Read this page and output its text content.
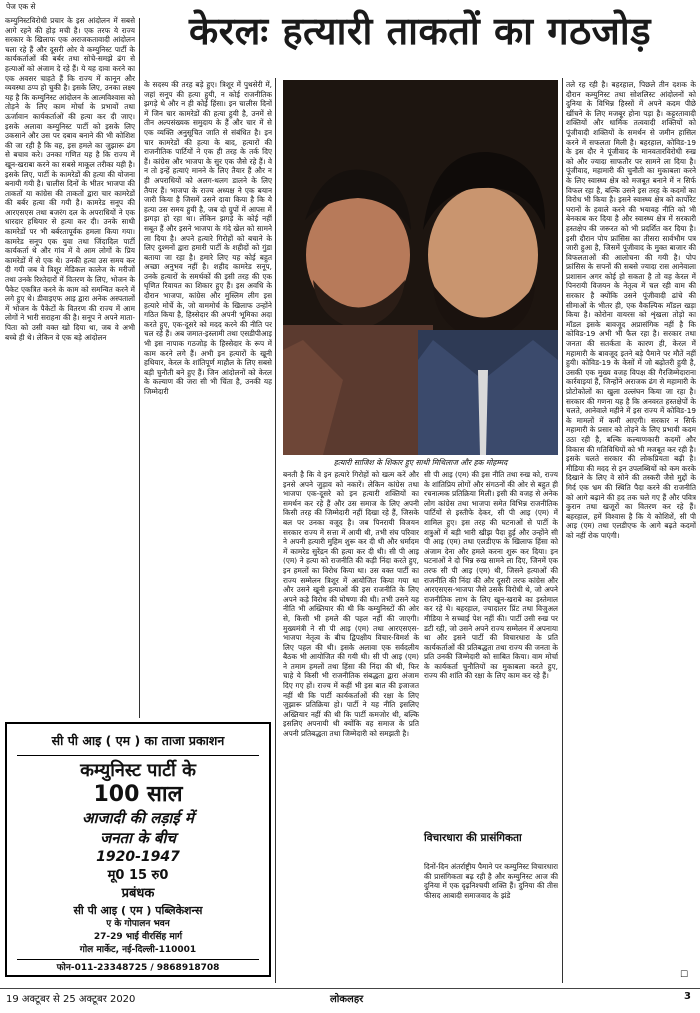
पेज एक से
केरलः हत्यारी ताकतों का गठजोड़
कम्युनिस्टविरोधी प्रचार के इस आंदोलन में सबसे आगे रहने की होड़ मची है। एक तरफ ये राज्य सरकार के खिलाफ एक अराजकतावादी आंदोलन चला रहे हैं और दूसरी ओर वे कम्युनिस्ट पार्टी के कार्यकर्ताओं की बर्बर तथा सोचे-समझे ढंग से हत्याओं को अंजाम दे रहे हैं। ये यह दावा करने का एक अवसर चाहते हैं कि राज्य में कानून और व्यवस्था ठप्प हो चुकी है। इसके लिए, उनका लक्ष्य यह है कि कम्युनिस्ट आंदोलन के आत्मविश्वास को तोड़ने के लिए काम मोर्चा के प्रभावों तथा ऊर्जावान कार्यकर्ताओं की हत्या कर दी जाए। इसके अलावा कम्युनिस्ट पार्टी को इसके लिए उकसाने और उस पर दबाव बनाने की भी कोशिश की जा रही है कि वह, इस हमले का जुझारू ढंग से बचाव करे। उनका गणित यह है कि राज्य में खून-खराबा करने का सबसे माकूल तरीका यही है। इसके लिए, पार्टी के कामरेडों की हत्या की योजना बनायी गयी है। चालीस दिनों के भीतर भाजपा की ताकतों या कांग्रेस की ताकतों द्वारा चार कामरेडों की बर्बर हत्या की गयी है। कामरेड सनूप की आरएसएस तथा बजरंग दल के अपराधियों ने एक धारदार हथियार से हत्या कर दी। उनके साथी कामरेडों पर भी बर्बरतापूर्वक हमला किया गया। कामरेड सनूप एक युवा तथा जिंदादिल पार्टी कार्यकर्ता थे और गांव में वे आम लोगों के प्रिय कामरेडों में से एक थे। उनकी हत्या उस समय कर दी गयी जब वे त्रिशूर मेडिकल कालेज के मरीजों तथा उनके रिश्तेदारों में वितरण के लिए, भोजन के पैकेट एकत्रित करने के काम को समन्वित करने में लगे हुए थे। डीवाइएफ आइ द्वारा अनेक अस्पतालों में भोजन के पैकेटों के वितरण की राज्य में आम लोगों ने भारी सराहना की है। सनूप ने अपने माता-पिता को उसी वक्त खो दिया था, जब वे अभी बच्चे ही थे। लेकिन वे एक बड़े आंदोलन
के सदस्य की तरह बड़े हुए। त्रिशूर में पुथसेरी में, जहां सनूप की हत्या हुयी, न कोई राजनीतिक झगड़े थे और न ही कोई हिंसा। इन चालीस दिनों में जिन चार कामरेडों की हत्या हुयी है, उनमें से तीन अल्पसंख्यक समुदाय के हैं और चार में से एक व्यक्ति अनुसूचित जाति से संबंधित है। इन चार कामरेडों की हत्या के बाद, हत्यारों की राजनीतिक पार्टियों ने एक ही तरह के तर्क दिए हैं। कांग्रेस और भाजपा के सुर एक जैसे रहे हैं। वे न तो इन्हें हत्याएं मानने के लिए तैयार हैं और न ही अपराधियों को अलग-थलग डालने के लिए तैयार हैं। भाजपा के राज्य अध्यक्ष ने एक बयान जारी किया है जिसमें उसने दावा किया है कि ये हत्या उस समय हुयी है, जब दो ग्रुपों में आपस में झगड़ा हो रहा था। लेकिन झगड़े के कोई नहीं सबूत हैं और इसने भाजपा के गंदे खेल को सामने ला दिया है। अपने हत्यारे गिरोहों को बचाने के लिए दुश्मनों द्वारा हमारी पार्टी के शहीदों को गुंडा बताया जा रहा है। हमारे लिए यह कोई बहुत अच्छा अनुभव नहीं है। शहीद कामरेड सनूप, उनके हत्यारों के समर्थकों की इसी तरह की एक घृणित रिवायत का शिकार हुए हैं। इस अवधि के दौरान भाजपा, कांग्रेस और मुस्लिम लीग इस हत्यारे मोर्चे के, जो वाममोर्च के खिलाफ उन्होंने गठित किया है, हिस्सेदार की अपनी भूमिका अदा करते हुए, एक-दूसरे को मदद करने की नीति पर चल रहे हैं। अब जमात-इस्लामी तथा एसडीपीआइ भी इस नापाक गठजोड़ के हिस्सेदार के रूप में काम करने लगे हैं। अभी इन हत्यारों के खूनी हथियार, केरल के शांतिपूर्ण माहौल के लिए सबसे बड़ी चुनौती बने हुए हैं। जिन आंदोलनों को केरल के कल्याण की जरा सी भी चिंता है, उनकी यह जिम्मेदारी
हत्यारी साजिश के शिकार हुए साथी मिथिलाज और हक मोहम्मद
बनती है कि वे इन हत्यारे गिरोहों को खत्म करें और इनसे अपने जुड़ाव को नकारें। लेकिन कांग्रेस तथा भाजपा एक-दूसरे को इन हत्यारी शक्तियों का समर्थन कर रहे हैं और उस समाज के लिए अपनी किसी तरह की जिम्मेदारी नहीं दिखा रहे हैं, जिसके बल पर उनका वजूद है। जब पिनरायी विजयन सरकार राज्य में सत्ता में आयी थी, तभी संघ परिवार ने अपनी हत्यारी मुहिम शुरू कर दी थी और धर्मादम में कामरेड सुरेंद्रन की हत्या कर दी थी। सी पी आइ (एम) ने हत्या को राजनीति की कड़ी निंदा करते हुए, इन हमलों का विरोध किया था। उस वक्त पार्टी का राज्य सम्मेलन त्रिशूर में आयोजित किया गया था और उसने खूनी हत्याओं की इस राजनीति के लिए अपने कड़े विरोध की घोषणा की थी। तभी उसने यह नीति भी अख्तियार की थी कि कम्युनिस्टों की ओर से, किसी भी हमले की पहल नहीं की जाएगी। मुख्यमंत्री ने सी पी आइ (एम) तथा आरएसएस-भाजपा नेतृत्व के बीच द्विपक्षीय विचार-विमर्श के लिए पहल की थी। इसके अलावा एक सर्वदलीय बैठक भी आयोजित की गयी थी। सी पी आइ (एम) ने तमाम हमलों तथा हिंसा की निंदा की थी, फिर चाहे ये किसी भी राजनीतिक संबद्धता द्वारा अंजाम दिए गए हों। राज्य में कहीं भी इस बात की इजाजत नहीं थी कि पार्टी कार्यकर्ताओं की रक्षा के लिए जुझारू प्रतिक्रिया हो। पार्टी ने यह नीति इसलिए अख्तियार नहीं की थी कि पार्टी कमजोर थी, बल्कि इसलिए अपनायी थी क्योंकि वह समाज के प्रति अपनी प्रतिबद्धता तथा जिम्मेदारी को समझती है।
सी पी आइ (एम) की इस नीति तथा रुख को, राज्य के शांतिप्रिय लोगों और संगठनों की ओर से बहुत ही रचनात्मक प्रतिक्रिया मिली। इसी की वजह से अनेक लोग कांग्रेस तथा भाजपा समेत विभिन्न राजनीतिक पार्टियों से इस्तीफे देकर, सी पी आइ (एम) में शामिल हुए। इस तरह की घटनाओं से पार्टी के शत्रुओं में बड़ी भारी खीझ पैदा हुई और उन्होंने सी पी आइ (एम) तथा एलडीएफ के खिलाफ हिंसा को अंजाम देना और हमले करना शुरू कर दिया। इन घटनाओं ने दो भिन्न रुख सामने ला दिए, जिनमें एक तरफ सी पी आइ (एम) थी, जिसने हत्याओं की राजनीति की निंदा की और दूसरी तरफ कांग्रेस और आरएसएस-भाजपा जैसे उसके विरोधी थे, जो अपने राजनीतिक लाभ के लिए खून-खराबे का इस्तेमाल कर रहे थे। बहरहाल, ज्यादातर प्रिंट तथा विजुअल मीडिया ने सच्चाई पेश नहीं की। पार्टी उसी रुख पर डटी रही, जो उसने अपने राज्य सम्मेलन में अपनाया था और इसने पार्टी की विचारधारा के प्रति कार्यकर्ताओं की प्रतिबद्धता तथा राज्य की जनता के प्रति उनकी जिम्मेदारी को साबित किया। वाम मोर्चा के कार्यकर्ता चुनौतियों का मुकाबला करते हुए, राज्य की शांति की रक्षा के लिए काम कर रहे हैं।
विचारधारा की प्रासंगिकता
दिनों-दिन अंतर्राष्ट्रीय पैमाने पर कम्युनिस्ट विचारधारा की प्रासंगिकता बढ़ रही है और कम्युनिस्ट आज की दुनिया में एक दृढ़निश्चयी शक्ति हैं। दुनिया की तीस फीसद आबादी समाजवाद के झंडे
तले रह रही है। बहरहाल, पिछले तीन दशक के दौरान कम्युनिस्ट तथा सोशलिस्ट आंदोलनों को दुनिया के विभिन्न हिस्सों में अपने कदम पीछे खींचने के लिए मजबूर होना पड़ा है। कट्टरतावादी शक्तियों और धार्मिक तत्ववादी शक्तियों को पूंजीवादी शक्तियों के समर्थन से जमीन हासिल करने में सफलता मिली है। बहरहाल, कोविड-19 के इस दौर ने पूंजीवाद के मानवतारविरोधी रुख को और ज्यादा साफतौर पर सामने ला दिया है। पूंजीवाद, महामारी की चुनौती का मुकाबला करने के लिए स्वास्थ्य क्षेत्र को मजबूत बनाने में न सिर्फ विफल रहा है, बल्कि उसने इस तरह के कदमों का विरोध भी किया है। इसने स्वास्थ्य क्षेत्र को कार्पोरेट घरानों के हवाले करने की भयावह नीति को भी बेनकाब कर दिया है और स्वास्थ्य क्षेत्र में सरकारी हस्तक्षेप की जरूरत को भी प्रदर्शित कर दिया है। इसी दौरान पोप फ्रांसिस का तीसरा सार्वभौम पत्र जारी हुआ है, जिसमें पूंजीवाद के मुक्त बाजार की विफलताओं की आलोचना की गयी है। पोप फ्रांसिस के सपनों की सबसे ज्यादा रास आनेवाला प्रशासन अगर कोई हो सकता है तो वह केरल में पिनरायी विजयन के नेतृत्व में चल रही वाम की सरकार है क्योंकि उसने पूंजीवादी ढांचे की सीमाओं के भीतर ही, एक वैकल्पिक मॉडल खड़ा किया है। कोरोना वायरस को शृंखला तोड़ो का मॉडल इसके बावजूद अप्रासंगिक नहीं है कि कोविड-19 अभी भी फैल रहा है। सरकार तथा जनता की सतर्कता के कारण ही, केरल में महामारी के बावजूद इतने बड़े पैमाने पर मौतें नहीं हुयी। कोविड-19 के केसों में जो बढ़ोतरी हुयी है, उसकी एक मुख्य वजह विपक्ष की गैरजिम्मेदाराना कार्रवाइयां हैं, जिन्होंने अराजक ढंग से महामारी के प्रोटोकोलों का खुला उल्लंघन किया जा रहा है। सरकार की गणना यह है कि अनवरत हस्तक्षेपों के चलते, आनेवाले महीने में इस राज्य में कोविड-19 के मामलों में कमी आएगी। सरकार न सिर्फ महामारी के प्रसार को तोड़ने के लिए प्रभावी कदम उठा रही है, बल्कि कल्याणकारी कदमों और विकास की गतिविधियों को भी मजबूत कर रही है। इसके चलते सरकार की लोकप्रियता बढ़ी है। मीडिया की मदद से इन उपलब्धियों को कम करके दिखाने के लिए वे सोने की तस्करी जैसे मुद्दों के गिर्द एक भ्रम की स्थिति पैदा करने की राजनीति को आगे बढ़ाने की हद तक चले गए हैं और पवित्र कुरान तथा खजूरों का वितरण कर रहे हैं। बहरहाल, हमें विश्वास है कि ये कोशिशें, सी पी आइ (एम) तथा एलडीएफ के आगे बढ़ते कदमों को नहीं रोक पाएंगी।
☐
सी पी आइ ( एम ) का ताजा प्रकाशन
कम्युनिस्ट पार्टी के
100 साल
आजादी की लड़ाई में
जनता के बीच
1920-1947
मू0 15 रु0
प्रबंधक
सी पी आइ ( एम ) पब्लिकेशन्स
ए के गोपालन भवन
27-29 भाई वीरसिंह मार्ग
गोल मार्केट, नई-दिल्ली-110001
फोन-011-23348725 / 9868918708
19 अक्टूबर से 25 अक्टूबर 2020	लोकलहर	3
